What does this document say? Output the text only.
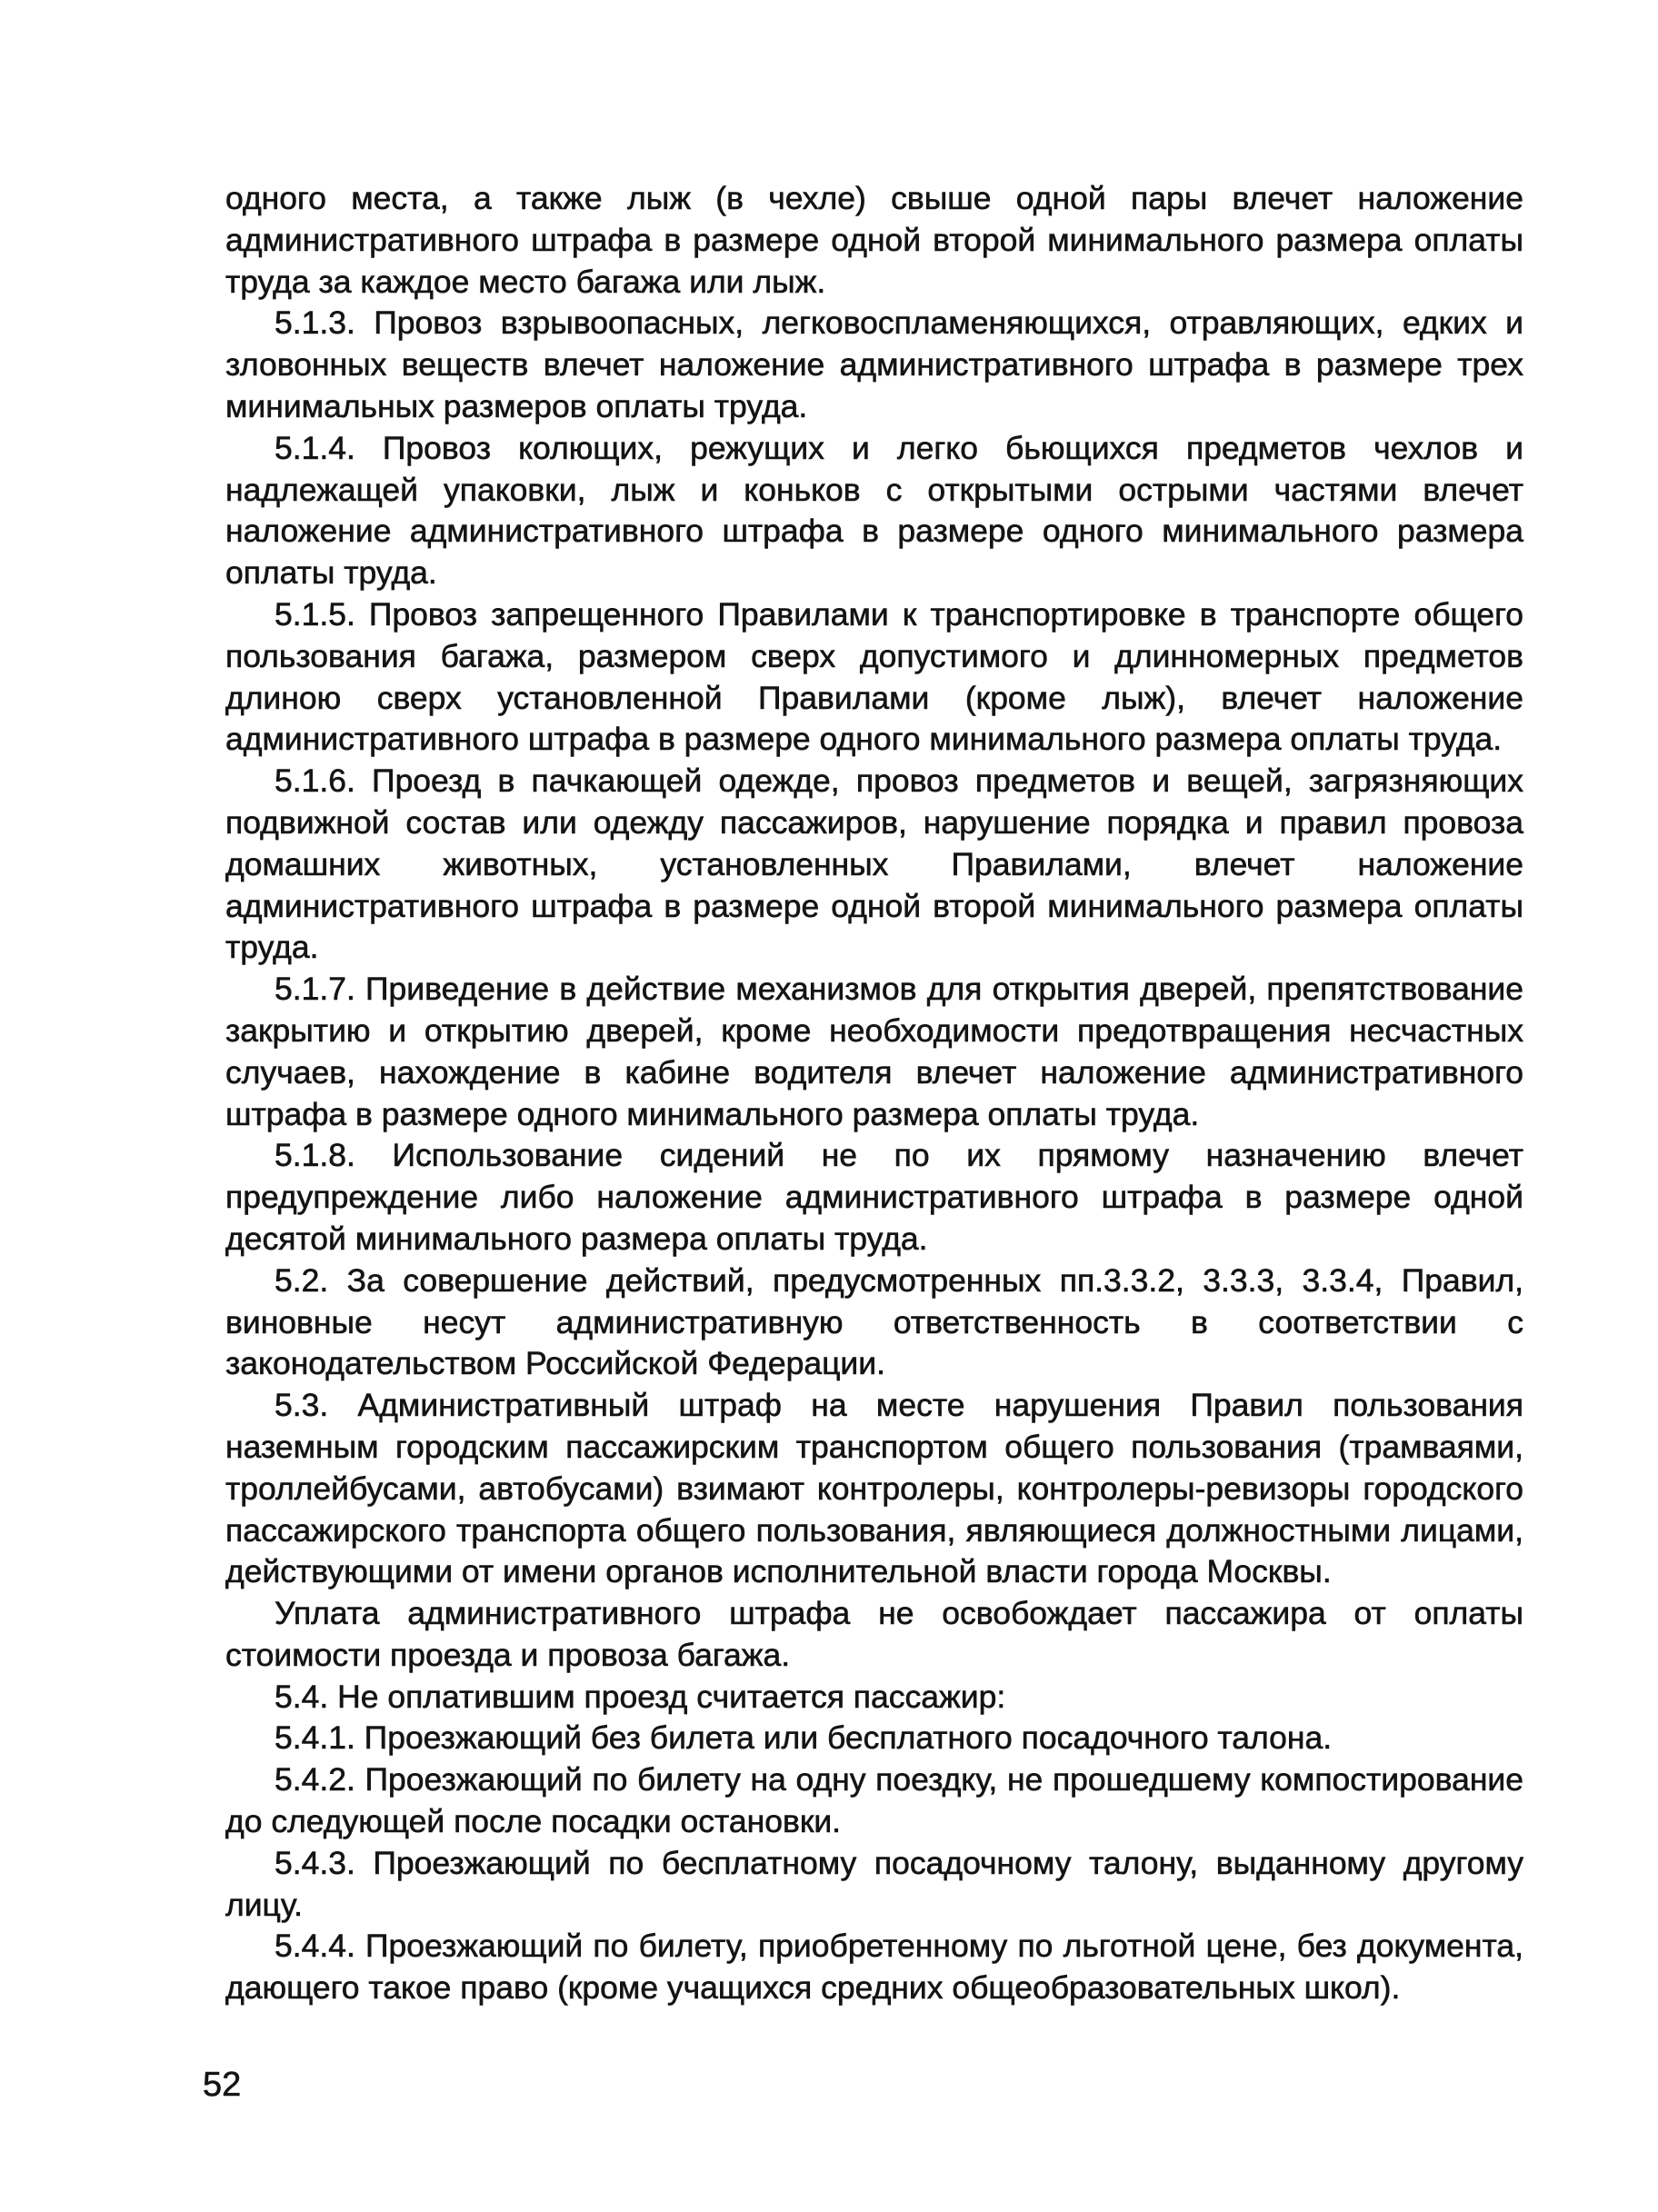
одного места, а также лыж (в чехле) свыше одной пары влечет наложение административного штрафа в размере одной второй минимального размера оплаты труда за каждое место багажа или лыж.

5.1.3. Провоз взрывоопасных, легковоспламеняющихся, отравляющих, едких и зловонных веществ влечет наложение административного штрафа в размере трех минимальных размеров оплаты труда.

5.1.4. Провоз колющих, режущих и легко бьющихся предметов чехлов и надлежащей упаковки, лыж и коньков с открытыми острыми частями влечет наложение административного штрафа в размере одного минимального размера оплаты труда.

5.1.5. Провоз запрещенного Правилами к транспортировке в транспорте общего пользования багажа, размером сверх допустимого и длинномерных предметов длиною сверх установленной Правилами (кроме лыж), влечет наложение административного штрафа в размере одного минимального размера оплаты труда.

5.1.6. Проезд в пачкающей одежде, провоз предметов и вещей, загрязняющих подвижной состав или одежду пассажиров, нарушение порядка и правил провоза домашних животных, установленных Правилами, влечет наложение административного штрафа в размере одной второй минимального размера оплаты труда.

5.1.7. Приведение в действие механизмов для открытия дверей, препятствование закрытию и открытию дверей, кроме необходимости предотвращения несчастных случаев, нахождение в кабине водителя влечет наложение административного штрафа в размере одного минимального размера оплаты труда.

5.1.8. Использование сидений не по их прямому назначению влечет предупреждение либо наложение административного штрафа в размере одной десятой минимального размера оплаты труда.

5.2. За совершение действий, предусмотренных пп.3.3.2, 3.3.3, 3.3.4, Правил, виновные несут административную ответственность в соответствии с законодательством Российской Федерации.

5.3. Административный штраф на месте нарушения Правил пользования наземным городским пассажирским транспортом общего пользования (трамваями, троллейбусами, автобусами) взимают контролеры, контролеры-ревизоры городского пассажирского транспорта общего пользования, являющиеся должностными лицами, действующими от имени органов исполнительной власти города Москвы.

Уплата административного штрафа не освобождает пассажира от оплаты стоимости проезда и провоза багажа.

5.4. Не оплатившим проезд считается пассажир:

5.4.1. Проезжающий без билета или бесплатного посадочного талона.

5.4.2. Проезжающий по билету на одну поездку, не прошедшему компостирование до следующей после посадки остановки.

5.4.3. Проезжающий по бесплатному посадочному талону, выданному другому лицу.

5.4.4. Проезжающий по билету, приобретенному по льготной цене, без документа, дающего такое право (кроме учащихся средних общеобразовательных школ).

52
